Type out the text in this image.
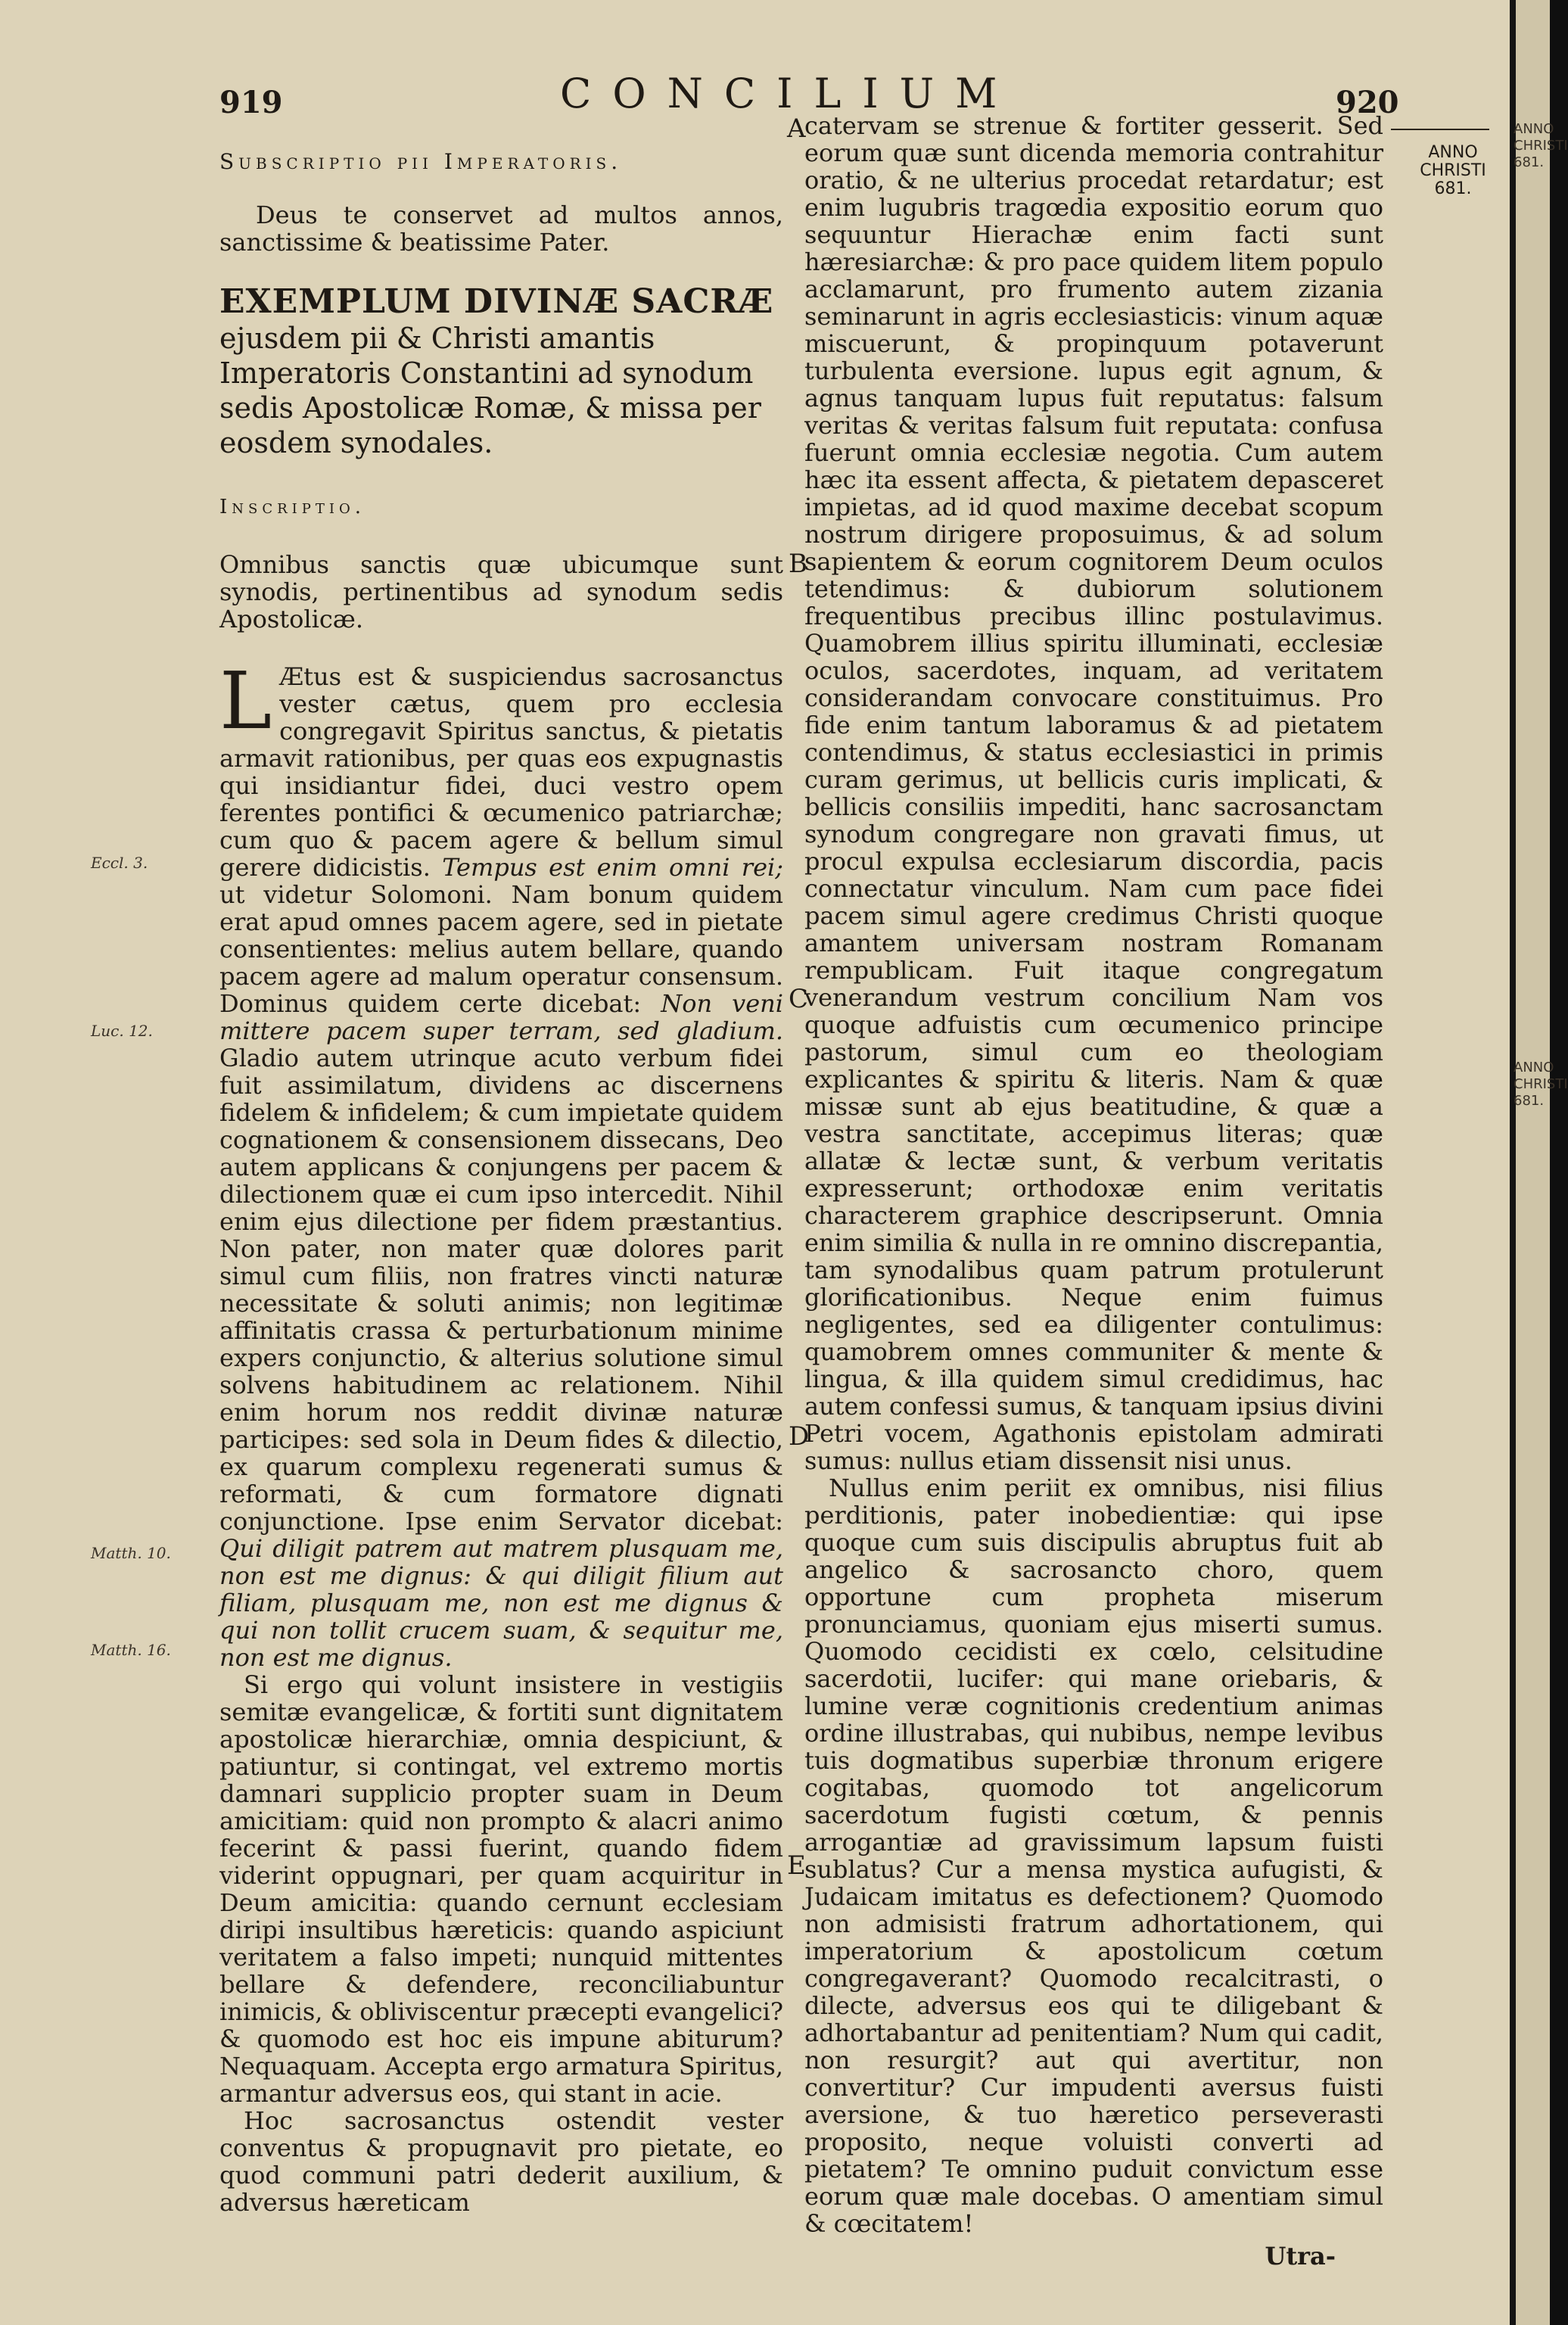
919	CONCILIUM	920

Subscriptio pii Imperatoris.

Deus te conservet ad multos annos, sanctissime & beatissime Pater.

EXEMPLUM DIVINÆ SACRÆ

ejusdem pii & Christi amantis Imperatoris Constantini ad synodum sedis Apostolicæ Romæ, & missa per eosdem synodales.

Inscriptio.

Omnibus sanctis quæ ubicumque sunt synodis, pertinentibus ad synodum sedis Apostolicæ.

L Ætus est & suspiciendus sacrosanctus vester cætus, quem pro ecclesia congregavit Spiritus sanctus, & pietatis armavit rationibus, per quas eos expugnastis qui insidiantur fidei, duci vestro opem ferentes pontifici & œcumenico patriarchæ; cum quo & pacem agere & bellum simul gerere didicistis. Tempus est enim omni rei; ut videtur Solomoni. Nam bonum quidem erat apud omnes pacem agere, sed in pietate consentientes: melius autem bellare, quando pacem agere ad malum operatur consensum. Dominus quidem certe dicebat: Non veni mittere pacem super terram, sed gladium. Gladio autem utrinque acuto verbum fidei fuit assimilatum, dividens ac discernens fidelem & infidelem; & cum impietate quidem cognationem & consensionem dissecans, Deo autem applicans & conjungens per pacem & dilectionem quæ ei cum ipso intercedit. Nihil enim ejus dilectione per fidem præstantius. Non pater, non mater quæ dolores parit simul cum filiis, non fratres vincti naturæ necessitate & soluti animis; non legitimæ affinitatis crassa & perturbationum minime expers conjunctio, & alterius solutione simul solvens habitudinem ac relationem. Nihil enim horum nos reddit divinæ naturæ participes: sed sola in Deum fides & dilectio, ex quarum complexu regenerati sumus & reformati, & cum formatore dignati conjunctione. Ipse enim Servator dicebat: Qui diligit patrem aut matrem plusquam me, non est me dignus: & qui diligit filium aut filiam, plusquam me, non est me dignus & qui non tollit crucem suam, & sequitur me, non est me dignus.

Si ergo qui volunt insistere in vestigiis semitæ evangelicæ, & fortiti sunt dignitatem apostolicæ hierarchiæ, omnia despiciunt, & patiuntur, si contingat, vel extremo mortis damnari supplicio propter suam in Deum amicitiam: quid non prompto & alacri animo fecerint & passi fuerint, quando fidem viderint oppugnari, per quam acquiritur in Deum amicitia: quando cernunt ecclesiam diripi insultibus hæreticis: quando aspiciunt veritatem a falso impeti; nunquid mittentes bellare & defendere, reconciliabuntur inimicis, & obliviscentur præcepti evangelici? & quomodo est hoc eis impune abiturum? Nequaquam. Accepta ergo armatura Spiritus, armantur adversus eos, qui stant in acie.

Hoc sacrosanctus ostendit vester conventus & propugnavit pro pietate, eo quod communi patri dederit auxilium, & adversus hæreticam

Eccl. 3.
Luc. 12.
Matth. 10.
Matth. 16.
A
B
C
D
E

catervam se strenue & fortiter gesserit. Sed eorum quæ sunt dicenda memoria contrahitur oratio, & ne ulterius procedat retardatur; est enim lugubris tragœdia expositio eorum quo sequuntur Hierachæ enim facti sunt hæresiarchæ: & pro pace quidem litem populo acclamarunt, pro frumento autem zizania seminarunt in agris ecclesiasticis: vinum aquæ miscuerunt, & propinquum potaverunt turbulenta eversione. lupus egit agnum, & agnus tanquam lupus fuit reputatus: falsum veritas & veritas falsum fuit reputata: confusa fuerunt omnia ecclesiæ negotia. Cum autem hæc ita essent affecta, & pietatem depasceret impietas, ad id quod maxime decebat scopum nostrum dirigere proposuimus, & ad solum sapientem & eorum cognitorem Deum oculos tetendimus: & dubiorum solutionem frequentibus precibus illinc postulavimus. Quamobrem illius spiritu illuminati, ecclesiæ oculos, sacerdotes, inquam, ad veritatem considerandam convocare constituimus. Pro fide enim tantum laboramus & ad pietatem contendimus, & status ecclesiastici in primis curam gerimus, ut bellicis curis implicati, & bellicis consiliis impediti, hanc sacrosanctam synodum congregare non gravati fimus, ut procul expulsa ecclesiarum discordia, pacis connectatur vinculum. Nam cum pace fidei pacem simul agere credimus Christi quoque amantem universam nostram Romanam rempublicam. Fuit itaque congregatum venerandum vestrum concilium Nam vos quoque adfuistis cum œcumenico principe pastorum, simul cum eo theologiam explicantes & spiritu & literis. Nam & quæ missæ sunt ab ejus beatitudine, & quæ a vestra sanctitate, accepimus literas; quæ allatæ & lectæ sunt, & verbum veritatis expresserunt; orthodoxæ enim veritatis characterem graphice descripserunt. Omnia enim similia & nulla in re omnino discrepantia, tam synodalibus quam patrum protulerunt glorificationibus. Neque enim fuimus negligentes, sed ea diligenter contulimus: quamobrem omnes communiter & mente & lingua, & illa quidem simul credidimus, hac autem confessi sumus, & tanquam ipsius divini Petri vocem, Agathonis epistolam admirati sumus: nullus etiam dissensit nisi unus.

Nullus enim periit ex omnibus, nisi filius perditionis, pater inobedientiæ: qui ipse quoque cum suis discipulis abruptus fuit ab angelico & sacrosancto choro, quem opportune cum propheta miserum pronunciamus, quoniam ejus miserti sumus. Quomodo cecidisti ex cœlo, celsitudine sacerdotii, lucifer: qui mane oriebaris, & lumine veræ cognitionis credentium animas ordine illustrabas, qui nubibus, nempe levibus tuis dogmatibus superbiæ thronum erigere cogitabas, quomodo tot angelicorum sacerdotum fugisti cœtum, & pennis arrogantiæ ad gravissimum lapsum fuisti sublatus? Cur a mensa mystica aufugisti, & Judaicam imitatus es defectionem? Quomodo non admisisti fratrum adhortationem, qui imperatorium & apostolicum cœtum congregaverant? Quomodo recalcitrasti, o dilecte, adversus eos qui te diligebant & adhortabantur ad penitentiam? Num qui cadit, non resurgit? aut qui avertitur, non convertitur? Cur impudenti aversus fuisti aversione, & tuo hæretico perseverasti proposito, neque voluisti converti ad pietatem? Te omnino puduit convictum esse eorum quæ male docebas. O amentiam simul & cœcitatem!

ANNO
CHRISTI
681.
Utra-
ANNO CHRISTI 681.
ANNO CHRISTI 681.
